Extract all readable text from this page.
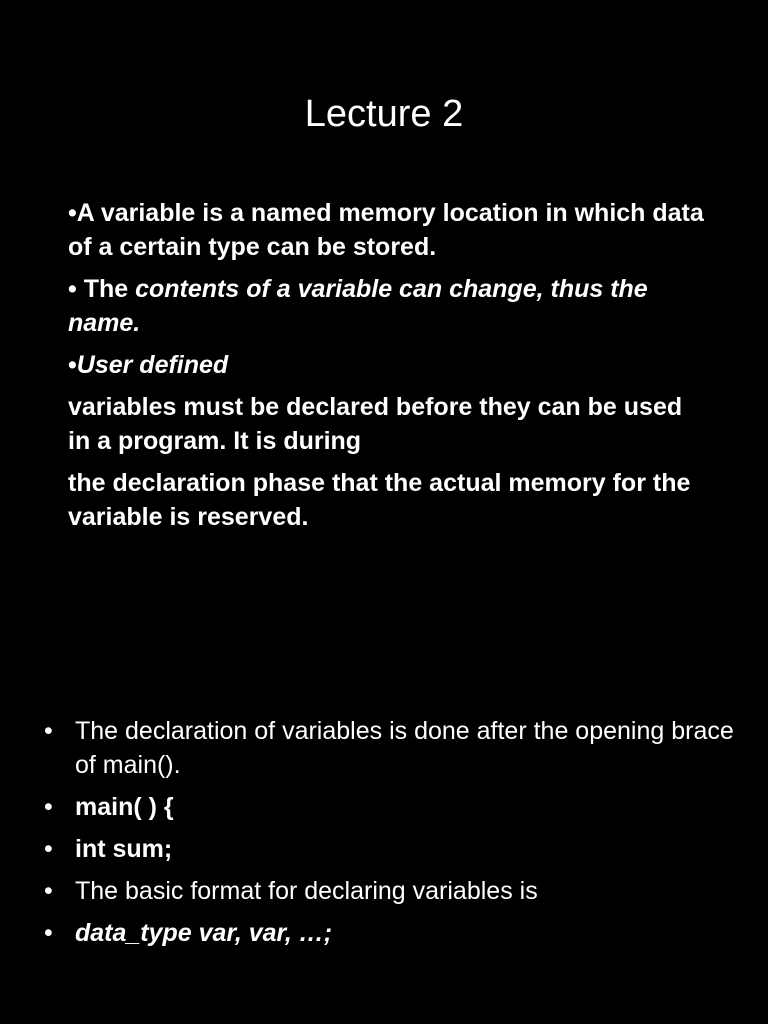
Lecture 2

•A variable is a named memory location in which data of a certain type can be stored.

• The contents of a variable can change, thus the name.

•User defined

variables must be declared before they can be used in a program. It is during

the declaration phase that the actual memory for the variable is reserved.

• The declaration of variables is done after the opening brace of main().
• main( ) {
• int sum;
• The basic format for declaring variables is
• data_type var, var, …;
